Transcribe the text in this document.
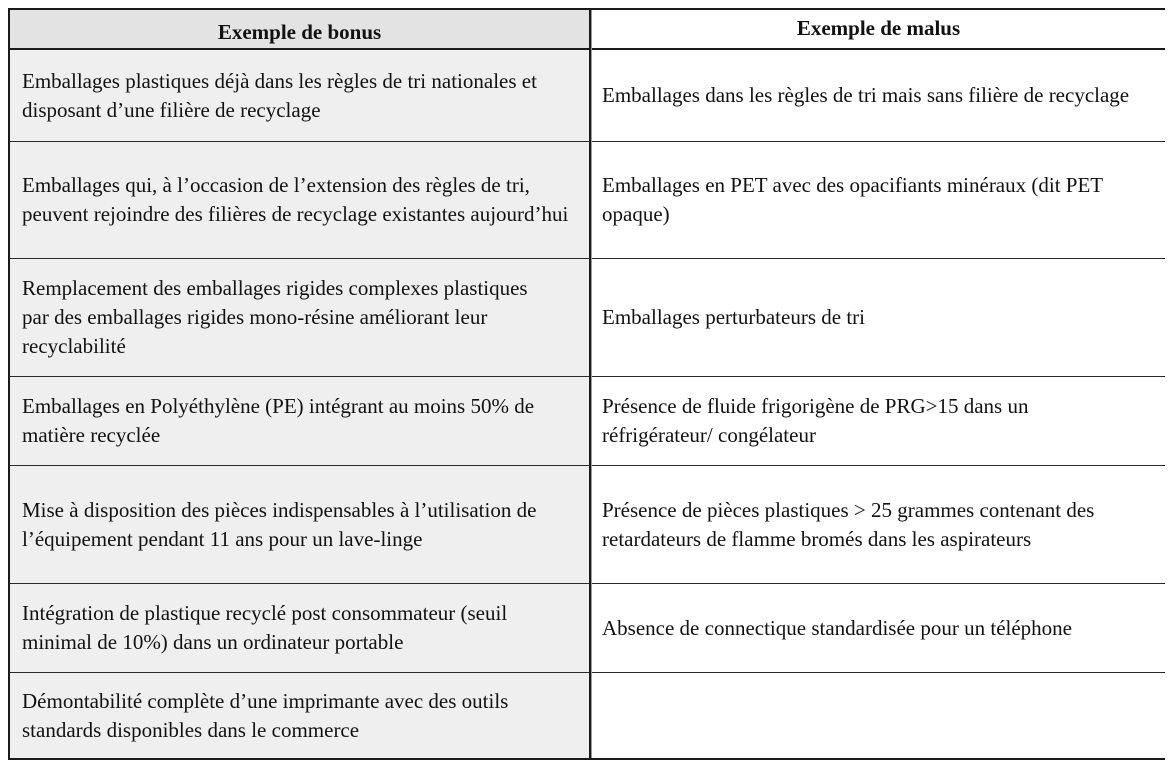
Exemple de bonus	Exemple de malus
Emballages plastiques déjà dans les règles de tri nationales et disposant d’une filière de recyclage
Emballages dans les règles de tri mais sans filière de recyclage
Emballages qui, à l’occasion de l’extension des règles de tri, peuvent rejoindre des filières de recyclage existantes aujourd’hui
Emballages en PET avec des opacifiants minéraux (dit PET opaque)
Remplacement des emballages rigides complexes plastiques par des emballages rigides mono-résine améliorant leur recyclabilité
Emballages perturbateurs de tri
Emballages en Polyéthylène (PE) intégrant au moins 50% de matière recyclée
Présence de fluide frigorigène de PRG>15 dans un réfrigérateur/ congélateur
Mise à disposition des pièces indispensables à l’utilisation de l’équipement pendant 11 ans pour un lave-linge
Présence de pièces plastiques > 25 grammes contenant des retardateurs de flamme bromés dans les aspirateurs
Intégration de plastique recyclé post consommateur (seuil minimal de 10%) dans un ordinateur portable
Absence de connectique standardisée pour un téléphone
Démontabilité complète d’une imprimante avec des outils standards disponibles dans le commerce
